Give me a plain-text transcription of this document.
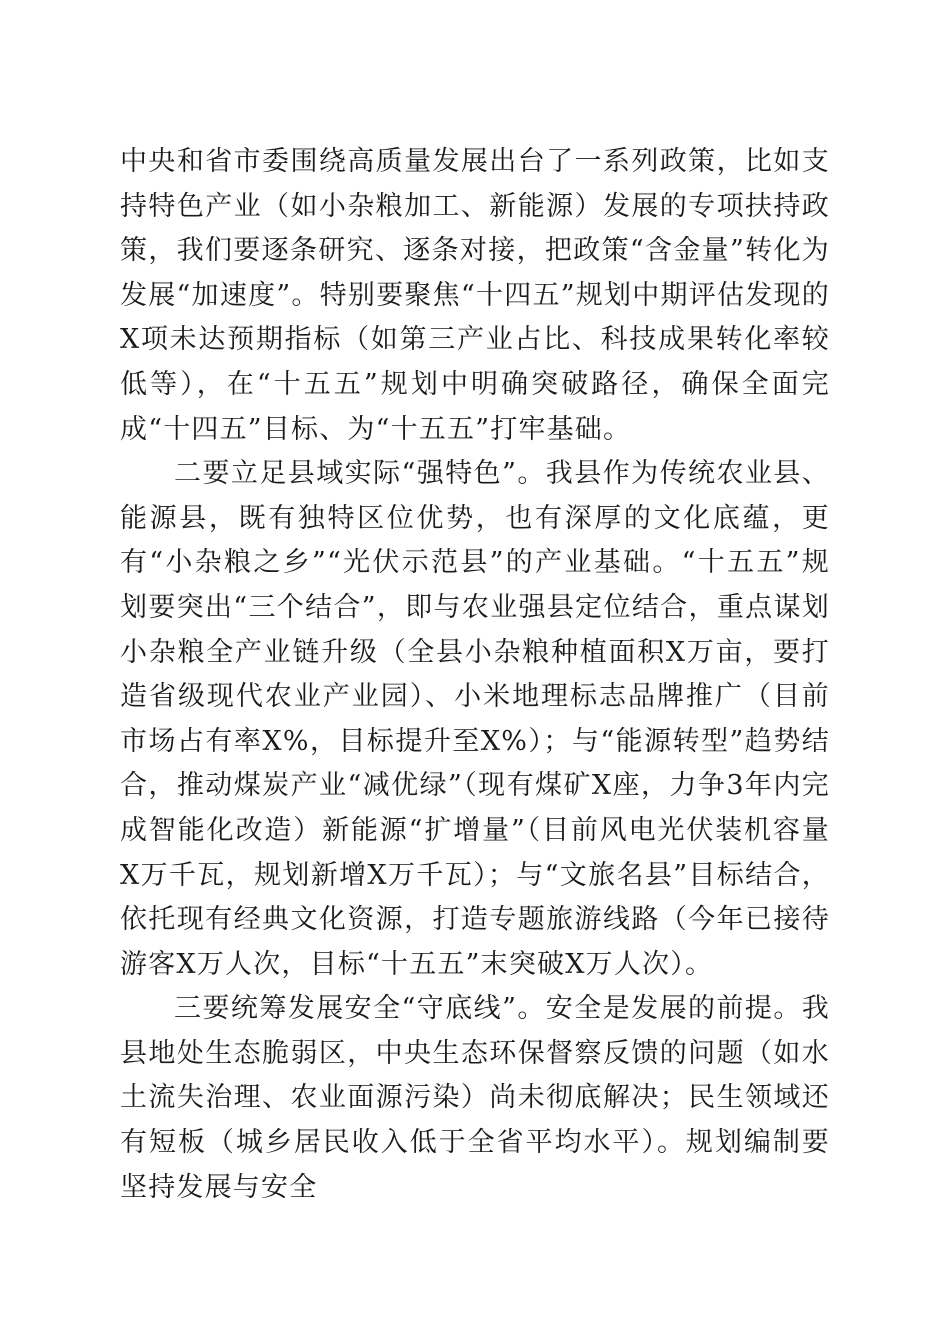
中央和省市委围绕高质量发展出台了一系列政策，比如支持特色产业（如小杂粮加工、新能源）发展的专项扶持政策，我们要逐条研究、逐条对接，把政策“含金量”转化为发展“加速度”。特别要聚焦“十四五”规划中期评估发现的X项未达预期指标（如第三产业占比、科技成果转化率较低等），在“十五五”规划中明确突破路径，确保全面完成“十四五”目标、为“十五五”打牢基础。

二要立足县域实际“强特色”。我县作为传统农业县、能源县，既有独特区位优势，也有深厚的文化底蕴，更有“小杂粮之乡”“光伏示范县”的产业基础。“十五五”规划要突出“三个结合”，即与农业强县定位结合，重点谋划小杂粮全产业链升级（全县小杂粮种植面积X万亩，要打造省级现代农业产业园）、小米地理标志品牌推广（目前市场占有率X%，目标提升至X%）；与“能源转型”趋势结合，推动煤炭产业“减优绿”（现有煤矿X座，力争3年内完成智能化改造）新能源“扩增量”（目前风电光伏装机容量X万千瓦，规划新增X万千瓦）；与“文旅名县”目标结合，依托现有经典文化资源，打造专题旅游线路（今年已接待游客X万人次，目标“十五五”末突破X万人次）。

三要统筹发展安全“守底线”。安全是发展的前提。我县地处生态脆弱区，中央生态环保督察反馈的问题（如水土流失治理、农业面源污染）尚未彻底解决；民生领域还有短板（城乡居民收入低于全省平均水平）。规划编制要坚持发展与安全
